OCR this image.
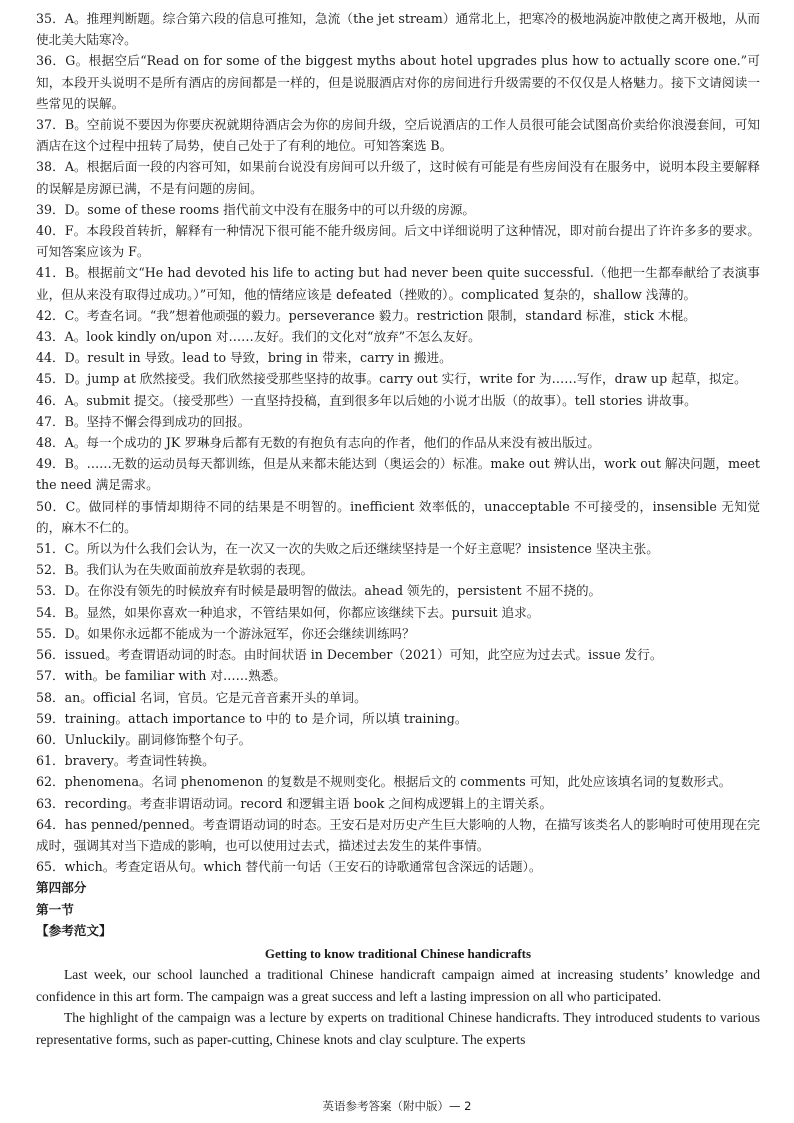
35．A。推理判断题。综合第六段的信息可推知，急流（the jet stream）通常北上，把寒冷的极地涡旋冲散使之离开极地，从而使北美大陆寒冷。
36．G。根据空后“Read on for some of the biggest myths about hotel upgrades plus how to actually score one.”可知，本段开头说明不是所有酒店的房间都是一样的，但是说服酒店对你的房间进行升级需要的不仅仅是人格魅力。接下文请阅读一些常见的误解。
37．B。空前说不要因为你要庆祝就期待酒店会为你的房间升级，空后说酒店的工作人员很可能会试图高价卖给你浪漫套间，可知酒店在这个过程中扭转了局势，使自己处于了有利的地位。可知答案选 B。
38．A。根据后面一段的内容可知，如果前台说没有房间可以升级了，这时候有可能是有些房间没有在服务中，说明本段主要解释的误解是房源已满，不是有问题的房间。
39．D。some of these rooms 指代前文中没有在服务中的可以升级的房源。
40．F。本段段首转折，解释有一种情况下很可能不能升级房间。后文中详细说明了这种情况，即对前台提出了许许多多的要求。可知答案应该为 F。
41．B。根据前文“He had devoted his life to acting but had never been quite successful.（他把一生都奉献给了表演事业，但从来没有取得过成功。）”可知，他的情绪应该是 defeated（挫败的）。complicated 复杂的，shallow 浅薄的。
42．C。考查名词。“我”想着他顽强的毅力。perseverance 毅力。restriction 限制，standard 标准，stick 木棍。
43．A。look kindly on/upon 对……友好。我们的文化对“放弃”不怎么友好。
44．D。result in 导致。lead to 导致，bring in 带来，carry in 搬进。
45．D。jump at 欣然接受。我们欣然接受那些坚持的故事。carry out 实行，write for 为……写作，draw up 起草，拟定。
46．A。submit 提交。（接受那些）一直坚持投稿，直到很多年以后她的小说才出版（的故事）。tell stories 讲故事。
47．B。坚持不懈会得到成功的回报。
48．A。每一个成功的 JK 罗琳身后都有无数的有抱负有志向的作者，他们的作品从来没有被出版过。
49．B。……无数的运动员每天都训练，但是从来都未能达到（奥运会的）标准。make out 辨认出，work out 解决问题，meet the need 满足需求。
50．C。做同样的事情却期待不同的结果是不明智的。inefficient 效率低的，unacceptable 不可接受的，insensible 无知觉的，麻木不仁的。
51．C。所以为什么我们会认为，在一次又一次的失败之后还继续坚持是一个好主意呢？insistence 坚决主张。
52．B。我们认为在失败面前放弃是软弱的表现。
53．D。在你没有领先的时候放弃有时候是最明智的做法。ahead 领先的，persistent 不屈不挠的。
54．B。显然，如果你喜欢一种追求，不管结果如何，你都应该继续下去。pursuit 追求。
55．D。如果你永远都不能成为一个游泳冠军，你还会继续训练吗？
56．issued。考查谓语动词的时态。由时间状语 in December（2021）可知，此空应为过去式。issue 发行。
57．with。be familiar with 对……熟悉。
58．an。official 名词，官员。它是元音音素开头的单词。
59．training。attach importance to 中的 to 是介词，所以填 training。
60．Unluckily。副词修饰整个句子。
61．bravery。考查词性转换。
62．phenomena。名词 phenomenon 的复数是不规则变化。根据后文的 comments 可知，此处应该填名词的复数形式。
63．recording。考查非谓语动词。record 和逻辑主语 book 之间构成逻辑上的主谓关系。
64．has penned/penned。考查谓语动词的时态。王安石是对历史产生巨大影响的人物，在描写该类名人的影响时可使用现在完成时，强调其对当下造成的影响，也可以使用过去式，描述过去发生的某件事情。
65．which。考查定语从句。which 替代前一句话（王安石的诗歌通常包含深远的话题）。
第四部分
第一节
【参考范文】
Getting to know traditional Chinese handicrafts

Last week, our school launched a traditional Chinese handicraft campaign aimed at increasing students’ knowledge and confidence in this art form. The campaign was a great success and left a lasting impression on all who participated.

The highlight of the campaign was a lecture by experts on traditional Chinese handicrafts. They introduced students to various representative forms, such as paper-cutting, Chinese knots and clay sculpture. The experts

英语参考答案（附中版）— 2
